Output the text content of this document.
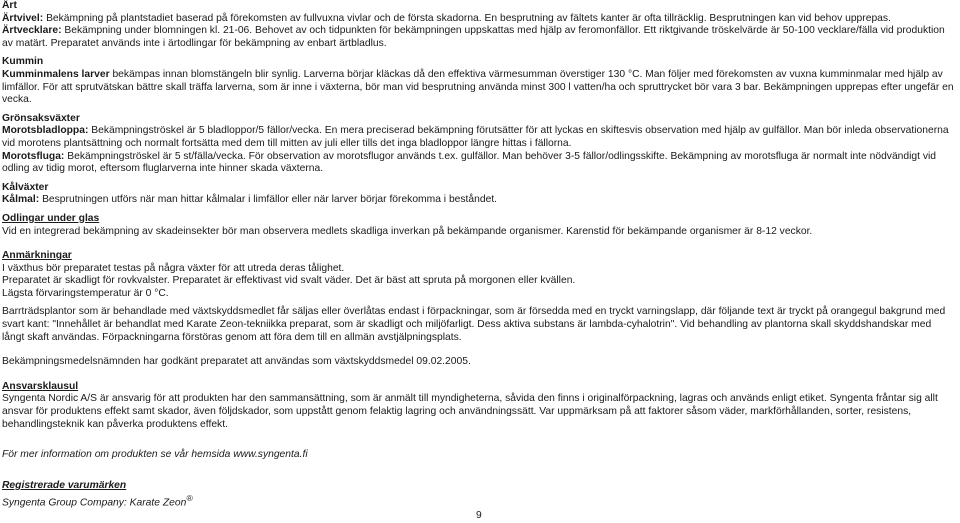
Ärt

Ärtvivel: Bekämpning på plantstadiet baserad på förekomsten av fullvuxna vivlar och de första skadorna. En besprutning av fältets kanter är ofta tillräcklig. Besprutningen kan vid behov upprepas.

Ärtvecklare: Bekämpning under blomningen kl. 21-06. Behovet av och tidpunkten för bekämpningen uppskattas med hjälp av feromonfällor. Ett riktgivande tröskelvärde är 50-100 vecklare/fälla vid produktion av matärt. Preparatet används inte i ärtodlingar för bekämpning av enbart ärtbladlus.

Kummin

Kumminmalens larver bekämpas innan blomstängeln blir synlig. Larverna börjar kläckas då den effektiva värmesumman överstiger 130 °C. Man följer med förekomsten av vuxna kumminmalar med hjälp av limfällor. För att sprutvätskan bättre skall träffa larverna, som är inne i växterna, bör man vid besprutning använda minst 300 l vatten/ha och spruttrycket bör vara 3 bar. Bekämpningen upprepas efter ungefär en vecka.

Grönsaksväxter

Morotsbladloppa: Bekämpningströskel är 5 bladloppor/5 fällor/vecka. En mera preciserad bekämpning förutsätter för att lyckas en skiftesvis observation med hjälp av gulfällor. Man bör inleda observationerna vid morotens plantsättning och normalt fortsätta med dem till mitten av juli eller tills det inga bladloppor längre hittas i fällorna.

Morotsfluga: Bekämpningströskel är 5 st/fälla/vecka. För observation av morotsflugor används t.ex. gulfällor. Man behöver 3-5 fällor/odlingsskifte. Bekämpning av morotsfluga är normalt inte nödvändigt vid odling av tidig morot, eftersom fluglarverna inte hinner skada växterna.

Kålväxter

Kålmal: Besprutningen utförs när man hittar kålmalar i limfällor eller när larver börjar förekomma i beståndet.

Odlingar under glas

Vid en integrerad bekämpning av skadeinsekter bör man observera medlets skadliga inverkan på bekämpande organismer. Karenstid för bekämpande organismer är 8-12 veckor.

Anmärkningar

I växthus bör preparatet testas på några växter för att utreda deras tålighet.

Preparatet är skadligt för rovkvalster. Preparatet är effektivast vid svalt väder. Det är bäst att spruta på morgonen eller kvällen.

Lägsta förvaringstemperatur är 0 °C.

Barrträdsplantor som är behandlade med växtskyddsmedlet får säljas eller överlåtas endast i förpackningar, som är försedda med en tryckt varningslapp, där följande text är tryckt på orangegul bakgrund med svart kant: "Innehållet är behandlat med Karate Zeon-tekniikka preparat, som är skadligt och miljöfarligt. Dess aktiva substans är lambda-cyhalotrin". Vid behandling av plantorna skall skyddshandskar med långt skaft användas. Förpackningarna förstöras genom att föra dem till en allmän avstjälpningsplats.

Bekämpningsmedelsnämnden har godkänt preparatet att användas som växtskyddsmedel 09.02.2005.

Ansvarsklausul

Syngenta Nordic A/S är ansvarig för att produkten har den sammansättning, som är anmält till myndigheterna, såvida den finns i originalförpackning, lagras och används enligt etiket. Syngenta fråntar sig allt ansvar för produktens effekt samt skador, även följdskador, som uppstått genom felaktig lagring och användningssätt. Var uppmärksam på att faktorer såsom väder, markförhållanden, sorter, resistens, behandlingsteknik kan påverka produktens effekt.

För mer information om produkten se vår hemsida www.syngenta.fi

Registrerade varumärken

Syngenta Group Company: Karate Zeon®

9
